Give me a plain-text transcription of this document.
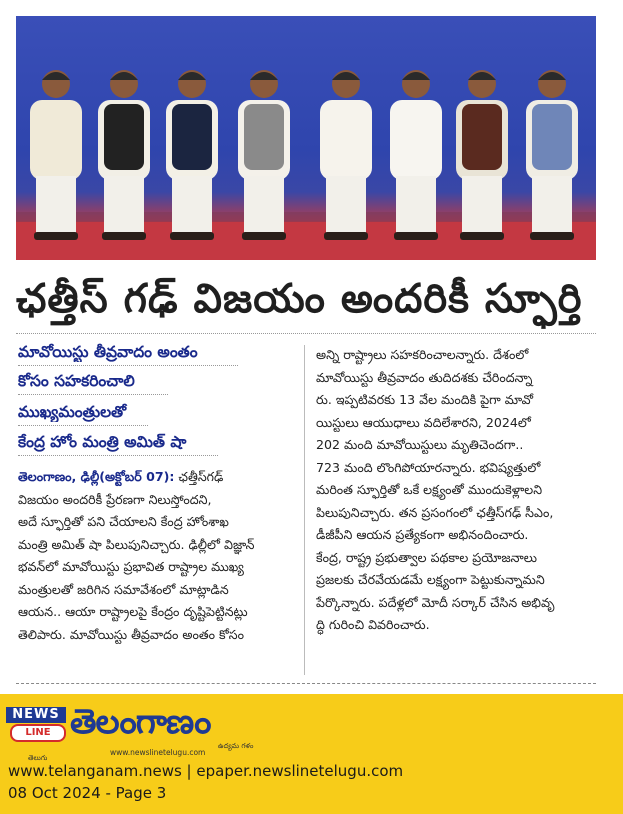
ఛత్తీస్ గఢ్ విజయం అందరికీ స్ఫూర్తి
మావోయిస్టు తీవ్రవాదం అంతం
కోసం సహకరించాలి
ముఖ్యమంత్రులతో
కేంద్ర హోం మంత్రి అమిత్ షా
తెలంగాణం, ఢిల్లీ(అక్టోబర్ 07): ఛత్తీస్‌గఢ్
విజయం అందరికీ ప్రేరణగా నిలుస్తోందని,
అదే స్ఫూర్తితో పని చేయాలని కేంద్ర హోంశాఖ
మంత్రి అమిత్ షా పిలుపునిచ్చారు. ఢిల్లీలో విజ్ఞాన్
భవన్‌లో మావోయిస్టు ప్రభావిత రాష్ట్రాల ముఖ్య
మంత్రులతో జరిగిన సమావేశంలో మాట్లాడిన
ఆయన.. ఆయా రాష్ట్రాలపై కేంద్రం దృష్టిపెట్టినట్లు
తెలిపారు. మావోయిస్టు తీవ్రవాదం అంతం కోసం
అన్ని రాష్ట్రాలు సహకరించాలన్నారు. దేశంలో
మావోయిస్టు తీవ్రవాదం తుదిదశకు చేరిందన్నా
రు. ఇప్పటివరకు 13 వేల మందికి పైగా మావో
యిస్టులు ఆయుధాలు వదిలేశారని, 2024లో
202 మంది మావోయిస్టులు మృతిచెందగా..
723 మంది లొంగిపోయారన్నారు. భవిష్యత్తులో
మరింత స్ఫూర్తితో ఒకే లక్ష్యంతో ముందుకెళ్లాలని
పిలుపునిచ్చారు. తన ప్రసంగంలో ఛత్తీస్‌గఢ్ సీఎం,
డీజీపీని ఆయన ప్రత్యేకంగా అభినందించారు.
కేంద్ర, రాష్ట్ర ప్రభుత్వాల పథకాల ప్రయోజనాలు
ప్రజలకు చేరవేయడమే లక్ష్యంగా పెట్టుకున్నామని
పేర్కొన్నారు. పదేళ్లలో మోదీ సర్కార్ చేసిన అభివృ
ద్ధి గురించి వివరించారు.
NEWS
LINE
తెలుగు
తెలంగాణం
ఉద్యమ గళం
www.newslinetelugu.com
www.telanganam.news | epaper.newslinetelugu.com
08 Oct 2024 - Page 3
